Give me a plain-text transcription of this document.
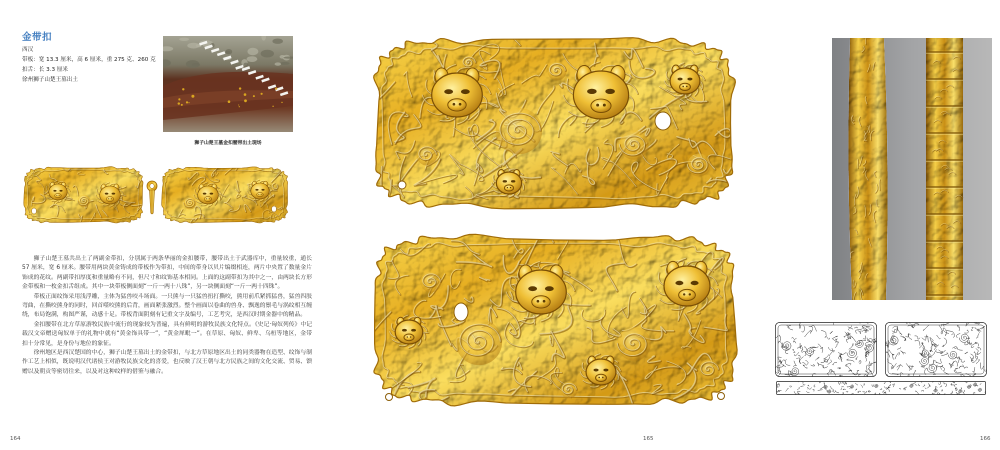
金带扣
西汉
带板：宽 13.3 厘米，高 6 厘米，重 275 克、260 克
扣舌：长 3.3 厘米
徐州狮子山楚王墓出土
狮子山楚王墓金扣腰带出土现场

狮子山楚王墓共出土了两副金带扣，分别属于两条华丽的金扣腰带，腰带出土于武器库中，重量较重，通长 57 厘米，宽 6 厘米。腰带用两块黄金铸成的带板作为带扣，中间的带身以贝片编缀相连，两片中央置了数量金片饰成的花纹。两副带扣厚度和重量略有不同，但尺寸和纹饰基本相同。上面的这副带扣为其中之一，由两块长方形金带板和一枚金扣舌组成。其中一块带板侧面刻“一斤一两十八铢”，另一块侧面刻“一斤一两十四铢”。

带板正面纹饰采用浅浮雕，主体为猛兽咬斗场面。一只熊与一只猛兽扭打撕咬，熊用前爪紧抓猛兽，猛兽四肢弯曲，在撕咬熊身的同时，回首噬咬熊的后背，画面紧张激烈。整个画面以卷曲的兽身、飘逸的鬃毛与涡纹相互缠绕，布局饱满，构图严谨，动感十足。带板背面阴刻有记重文字及编号，工艺考究，是西汉时期金器中的精品。

金扣腰带在北方草原游牧民族中流行的现象较为普遍，具有鲜明的游牧民族文化特点。《史记·匈奴列传》中记载汉文帝赠送匈奴单于的礼物中就有“黄金饰具带一”，“黄金犀毗一”。在草原、匈奴、鲜卑、乌桓等地区，金带扣十分常见，是身份与地位的象征。

徐州地区是西汉楚国的中心，狮子山楚王墓出土的金带扣，与北方草原地区出土的同类器物在造型、纹饰与制作工艺上相似，既说明汉代诸侯王对游牧民族文化的喜爱，也反映了汉王朝与北方民族之间的文化交流、贸易、馈赠以及朝贡等密切往来，以及对这种纹样的借鉴与融合。

164	165	166
